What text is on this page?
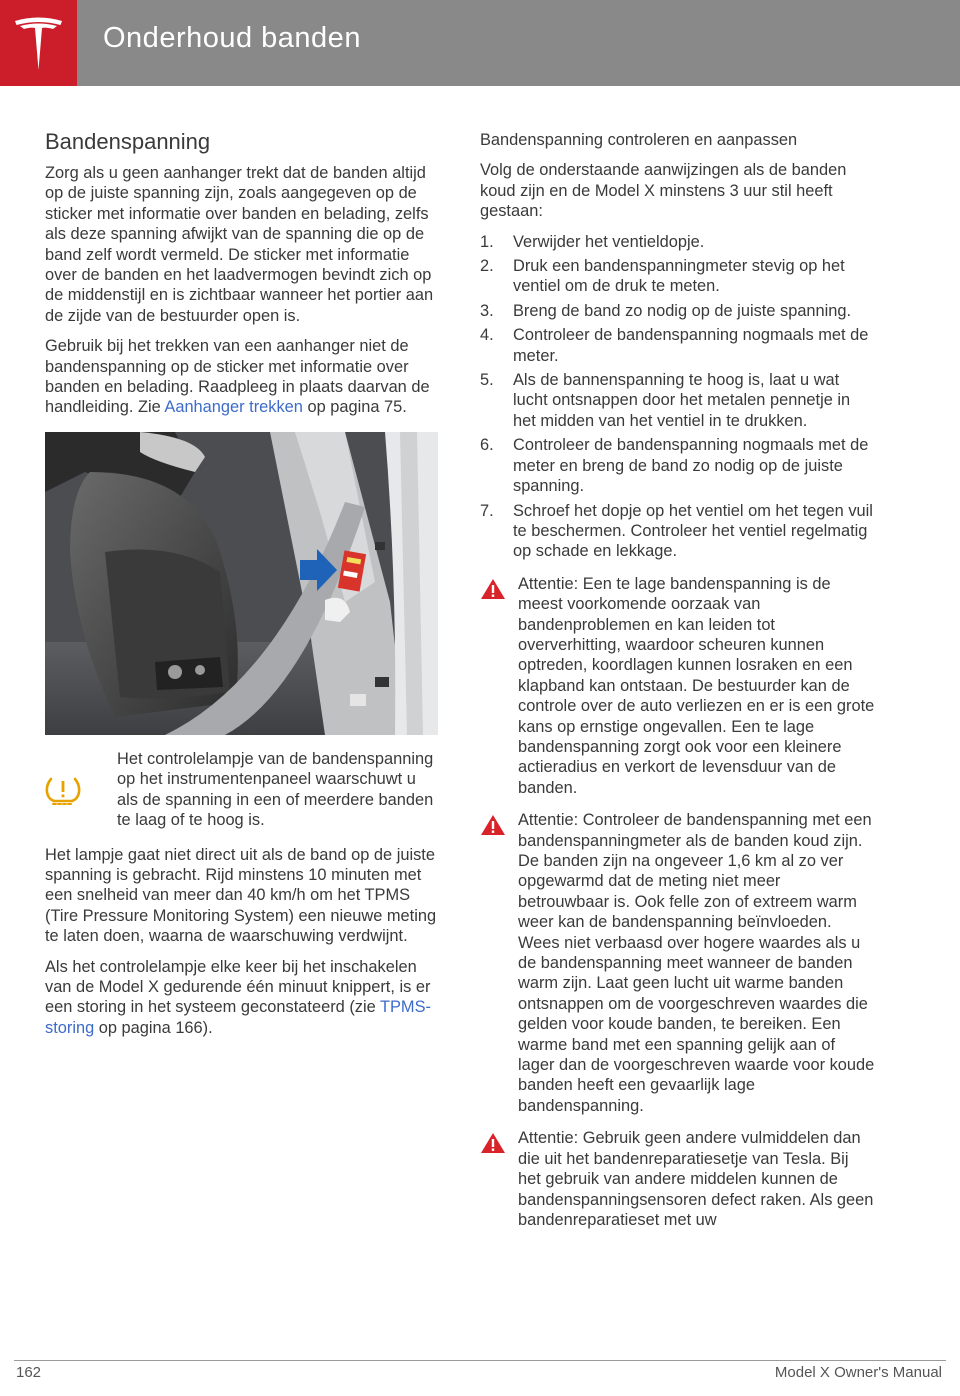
Onderhoud banden
Bandenspanning

Zorg als u geen aanhanger trekt dat de banden altijd op de juiste spanning zijn, zoals aangegeven op de sticker met informatie over banden en belading, zelfs als deze spanning afwijkt van de spanning die op de band zelf wordt vermeld. De sticker met informatie over de banden en het laadvermogen bevindt zich op de middenstijl en is zichtbaar wanneer het portier aan de zijde van de bestuurder open is.

Gebruik bij het trekken van een aanhanger niet de bandenspanning op de sticker met informatie over banden en belading. Raadpleeg in plaats daarvan de handleiding. Zie Aanhanger trekken op pagina 75.

Het controlelampje van de bandenspanning op het instrumentenpaneel waarschuwt u als de spanning in een of meerdere banden te laag of te hoog is.

Het lampje gaat niet direct uit als de band op de juiste spanning is gebracht. Rijd minstens 10 minuten met een snelheid van meer dan 40 km/h om het TPMS (Tire Pressure Monitoring System) een nieuwe meting te laten doen, waarna de waarschuwing verdwijnt.

Als het controlelampje elke keer bij het inschakelen van de Model X gedurende één minuut knippert, is er een storing in het systeem geconstateerd (zie TPMS-storing op pagina 166).

Bandenspanning controleren en aanpassen

Volg de onderstaande aanwijzingen als de banden koud zijn en de Model X minstens 3 uur stil heeft gestaan:

1.	Verwijder het ventieldopje.
2.	Druk een bandenspanningmeter stevig op het ventiel om de druk te meten.
3.	Breng de band zo nodig op de juiste spanning.
4.	Controleer de bandenspanning nogmaals met de meter.
5.	Als de bannenspanning te hoog is, laat u wat lucht ontsnappen door het metalen pennetje in het midden van het ventiel in te drukken.
6.	Controleer de bandenspanning nogmaals met de meter en breng de band zo nodig op de juiste spanning.
7.	Schroef het dopje op het ventiel om het tegen vuil te beschermen. Controleer het ventiel regelmatig op schade en lekkage.
Attentie: Een te lage bandenspanning is de meest voorkomende oorzaak van bandenproblemen en kan leiden tot oververhitting, waardoor scheuren kunnen optreden, koordlagen kunnen losraken en een klapband kan ontstaan. De bestuurder kan de controle over de auto verliezen en er is een grote kans op ernstige ongevallen. Een te lage bandenspanning zorgt ook voor een kleinere actieradius en verkort de levensduur van de banden.
Attentie: Controleer de bandenspanning met een bandenspanningmeter als de banden koud zijn. De banden zijn na ongeveer 1,6 km al zo ver opgewarmd dat de meting niet meer betrouwbaar is. Ook felle zon of extreem warm weer kan de bandenspanning beïnvloeden. Wees niet verbaasd over hogere waardes als u de bandenspanning meet wanneer de banden warm zijn. Laat geen lucht uit warme banden ontsnappen om de voorgeschreven waardes die gelden voor koude banden, te bereiken. Een warme band met een spanning gelijk aan of lager dan de voorgeschreven waarde voor koude banden heeft een gevaarlijk lage bandenspanning.
Attentie: Gebruik geen andere vulmiddelen dan die uit het bandenreparatiesetje van Tesla. Bij het gebruik van andere middelen kunnen de bandenspanningsensoren defect raken. Als geen bandenreparatieset met uw
162	Model X Owner's Manual
